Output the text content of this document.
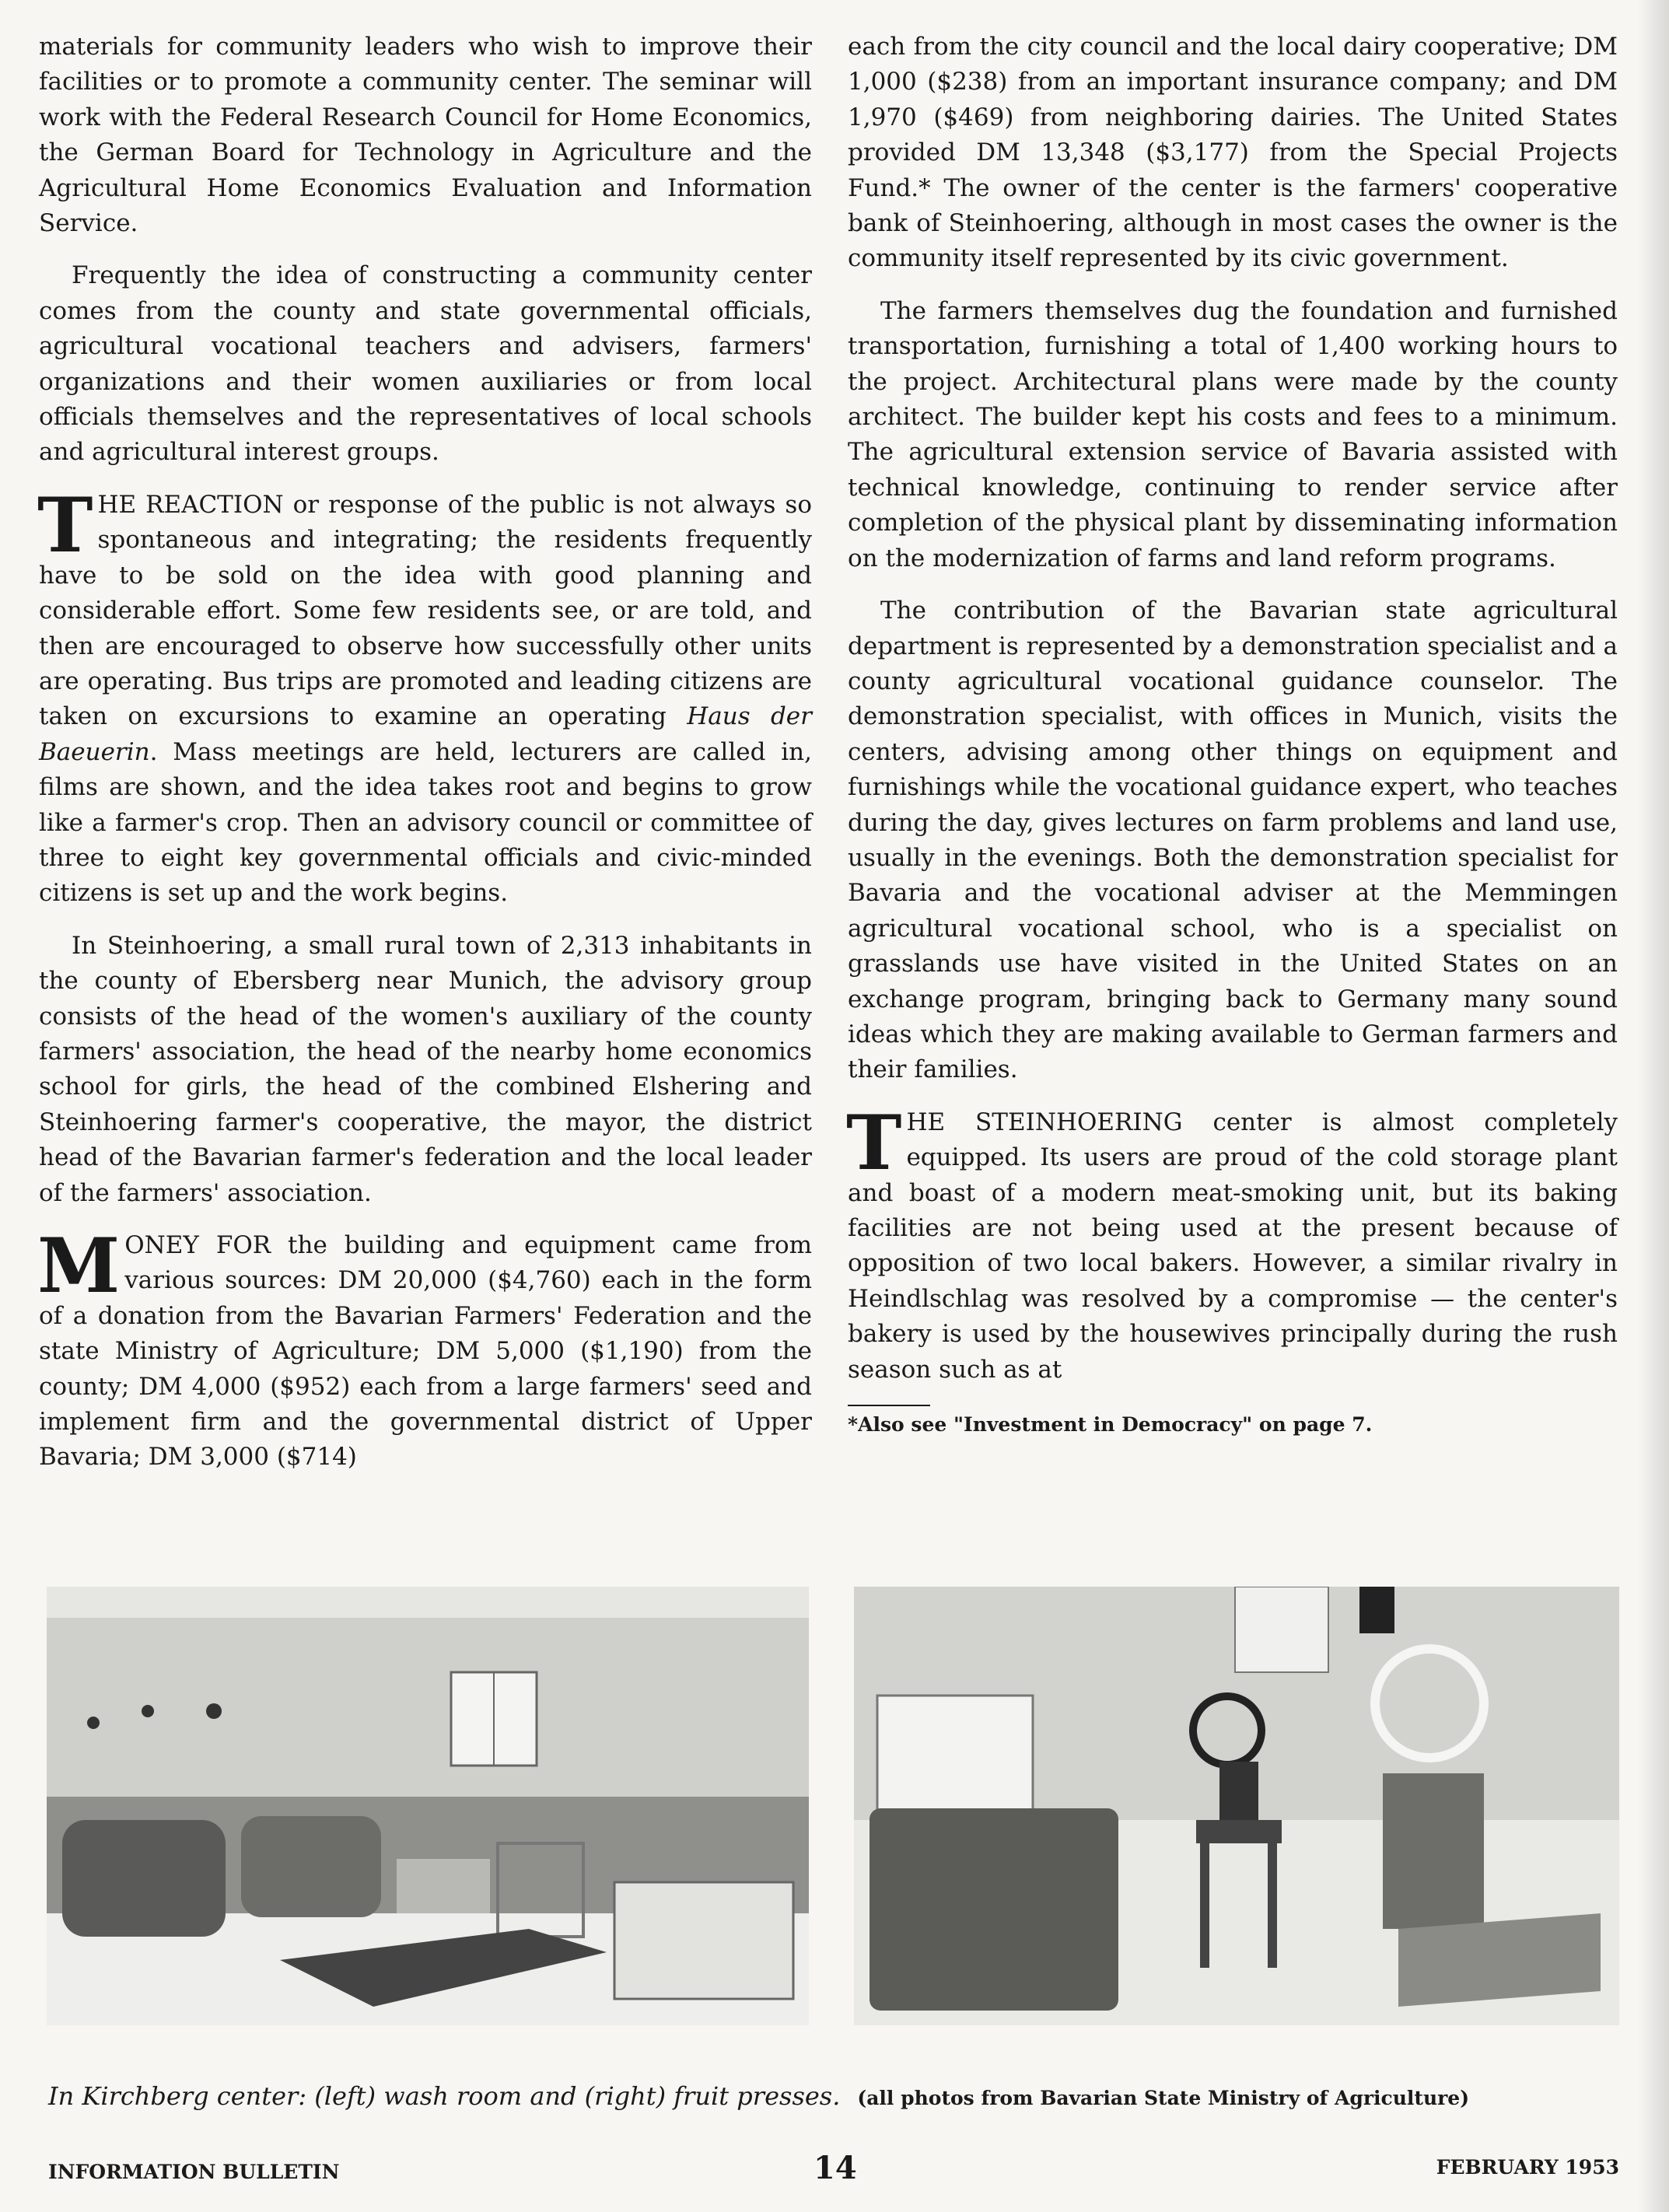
materials for community leaders who wish to improve their facilities or to promote a community center. The seminar will work with the Federal Research Council for Home Economics, the German Board for Technology in Agriculture and the Agricultural Home Economics Evaluation and Information Service.

Frequently the idea of constructing a community center comes from the county and state governmental officials, agricultural vocational teachers and advisers, farmers' organizations and their women auxiliaries or from local officials themselves and the representatives of local schools and agricultural interest groups.

THE REACTION or response of the public is not always so spontaneous and integrating; the residents frequently have to be sold on the idea with good planning and considerable effort. Some few residents see, or are told, and then are encouraged to observe how successfully other units are operating. Bus trips are promoted and leading citizens are taken on excursions to examine an operating Haus der Baeuerin. Mass meetings are held, lecturers are called in, films are shown, and the idea takes root and begins to grow like a farmer's crop. Then an advisory council or committee of three to eight key governmental officials and civic-minded citizens is set up and the work begins.

In Steinhoering, a small rural town of 2,313 inhabitants in the county of Ebersberg near Munich, the advisory group consists of the head of the women's auxiliary of the county farmers' association, the head of the nearby home economics school for girls, the head of the combined Elshering and Steinhoering farmer's cooperative, the mayor, the district head of the Bavarian farmer's federation and the local leader of the farmers' association.

MONEY FOR the building and equipment came from various sources: DM 20,000 ($4,760) each in the form of a donation from the Bavarian Farmers' Federation and the state Ministry of Agriculture; DM 5,000 ($1,190) from the county; DM 4,000 ($952) each from a large farmers' seed and implement firm and the governmental district of Upper Bavaria; DM 3,000 ($714)

each from the city council and the local dairy cooperative; DM 1,000 ($238) from an important insurance company; and DM 1,970 ($469) from neighboring dairies. The United States provided DM 13,348 ($3,177) from the Special Projects Fund.* The owner of the center is the farmers' cooperative bank of Steinhoering, although in most cases the owner is the community itself represented by its civic government.

The farmers themselves dug the foundation and furnished transportation, furnishing a total of 1,400 working hours to the project. Architectural plans were made by the county architect. The builder kept his costs and fees to a minimum. The agricultural extension service of Bavaria assisted with technical knowledge, continuing to render service after completion of the physical plant by disseminating information on the modernization of farms and land reform programs.

The contribution of the Bavarian state agricultural department is represented by a demonstration specialist and a county agricultural vocational guidance counselor. The demonstration specialist, with offices in Munich, visits the centers, advising among other things on equipment and furnishings while the vocational guidance expert, who teaches during the day, gives lectures on farm problems and land use, usually in the evenings. Both the demonstration specialist for Bavaria and the vocational adviser at the Memmingen agricultural vocational school, who is a specialist on grasslands use have visited in the United States on an exchange program, bringing back to Germany many sound ideas which they are making available to German farmers and their families.

THE STEINHOERING center is almost completely equipped. Its users are proud of the cold storage plant and boast of a modern meat-smoking unit, but its baking facilities are not being used at the present because of opposition of two local bakers. However, a similar rivalry in Heindlschlag was resolved by a compromise — the center's bakery is used by the housewives principally during the rush season such as at

*Also see "Investment in Democracy" on page 7.
In Kirchberg center: (left) wash room and (right) fruit presses. (all photos from Bavarian State Ministry of Agriculture)
INFORMATION BULLETIN	14	FEBRUARY 1953
